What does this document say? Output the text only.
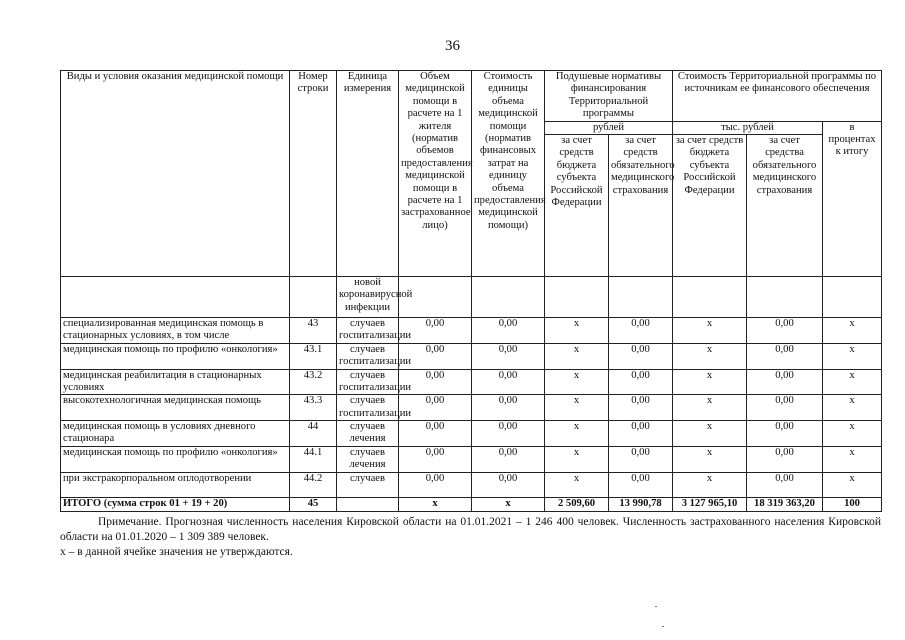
36
Виды и условия оказания медицинской помощи	Номер строки	Единица измерения	Объем медицинской помощи в расчете на 1 жителя (норматив объемов предоставления медицинской помощи в расчете на 1 застрахованное лицо)	Стоимость единицы объема медицинской помощи (норматив финансовых затрат на единицу объема предоставления медицинской помощи)	Подушевые нормативы финансирования Территориальной программы		Стоимость Территориальной программы по источникам ее финансового обеспечения		
					рублей		тыс. рублей		в процентах к итогу
					за счет средств бюджета субъекта Российской Федерации	за счет средств обязательного медицинского страхования	за счет средств бюджета субъекта Российской Федерации	за счет средства обязательного медицинского страхования	
		новой коронавирусной инфекции							
специализированная медицинская помощь в стационарных условиях, в том числе	43	случаев госпитализации	0,00	0,00	x	0,00	x	0,00	x
медицинская помощь по профилю «онкология»	43.1	случаев госпитализации	0,00	0,00	x	0,00	x	0,00	x
медицинская реабилитация в стационарных условиях	43.2	случаев госпитализации	0,00	0,00	x	0,00	x	0,00	x
высокотехнологичная медицинская помощь	43.3	случаев госпитализации	0,00	0,00	x	0,00	x	0,00	x
медицинская помощь в условиях дневного стационара	44	случаев лечения	0,00	0,00	x	0,00	x	0,00	x
медицинская помощь по профилю «онкология»	44.1	случаев лечения	0,00	0,00	x	0,00	x	0,00	x
при экстракорпоральном оплодотворении	44.2	случаев	0,00	0,00	x	0,00	x	0,00	x
ИТОГО (сумма строк 01 + 19 + 20)	45		х	х	2 509,60	13 990,78	3 127 965,10	18 319 363,20	100

Примечание. Прогнозная численность населения Кировской области на 01.01.2021 – 1 246 400 человек. Численность застрахованного населения Кировской области на 01.01.2020 – 1 309 389 человек.

х – в данной ячейке значения не утверждаются.
